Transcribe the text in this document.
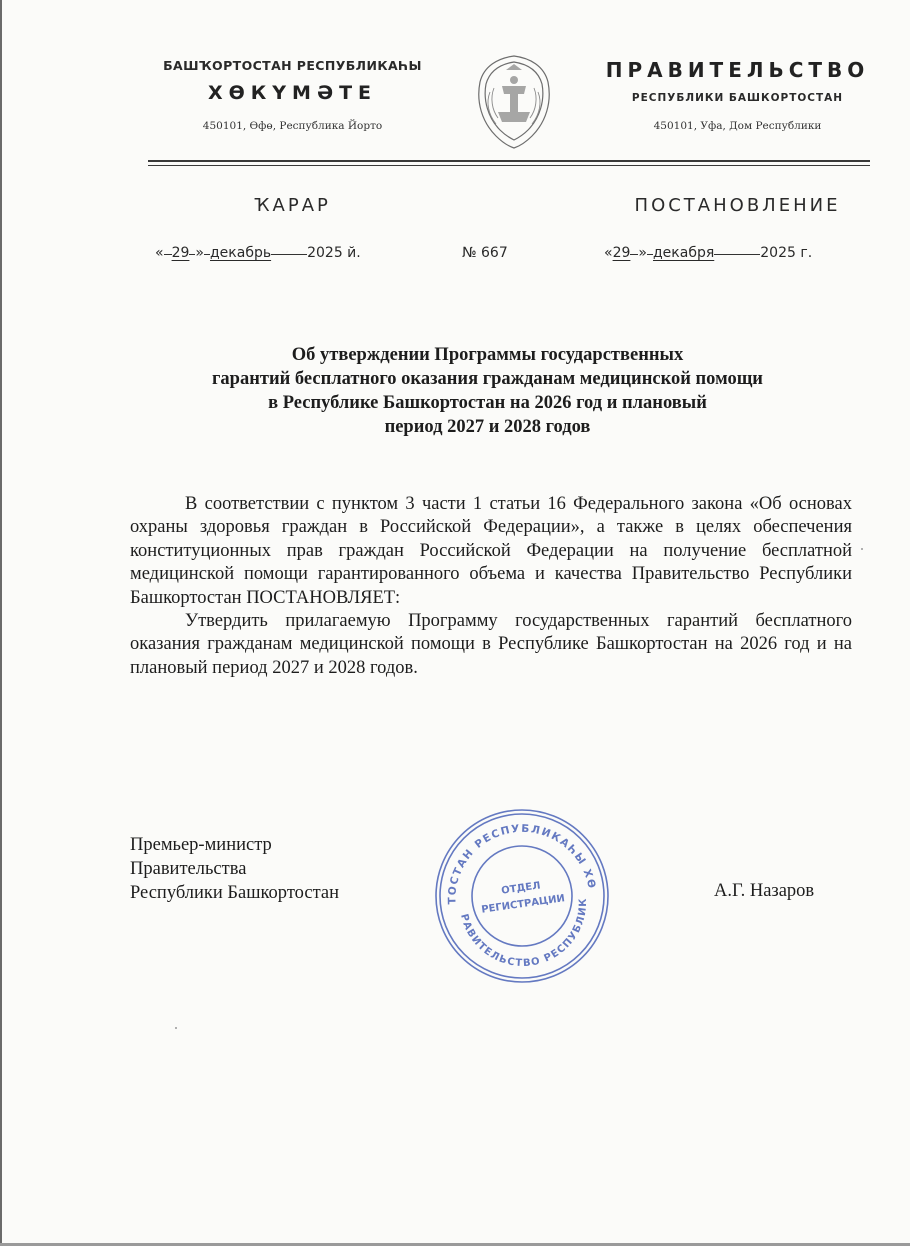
БАШҠОРТОСТАН РЕСПУБЛИКАҺЫ
ХӨКҮМӘТЕ
450101, Өфө, Республика Йорто
ПРАВИТЕЛЬСТВО
РЕСПУБЛИКИ БАШКОРТОСТАН
450101, Уфа, Дом Республики
ҠАРАР	ПОСТАНОВЛЕНИЕ
« 29 » декабрь	2025 й.	№ 667	«29 » декабря	2025 г.
Об утверждении Программы государственных
гарантий бесплатного оказания гражданам медицинской помощи
в Республике Башкортостан на 2026 год и плановый
период 2027 и 2028 годов
В соответствии с пунктом 3 части 1 статьи 16 Федерального закона «Об основах охраны здоровья граждан в Российской Федерации», а также в целях обеспечения конституционных прав граждан Российской Федерации на получение бесплатной медицинской помощи гарантированного объема и качества Правительство Республики Башкортостан ПОСТАНОВЛЯЕТ:
Утвердить прилагаемую Программу государственных гарантий бесплатного оказания гражданам медицинской помощи в Республике Башкортостан на 2026 год и на плановый период 2027 и 2028 годов.
Премьер-министр
Правительства
Республики Башкортостан
БАШКОРТОСТАН РЕСПУБЛИКАҺЫ ХӨКҮМӘТЕ
ПРАВИТЕЛЬСТВО РЕСПУБЛИКИ
ОТДЕЛ
РЕГИСТРАЦИИ
А.Г. Назаров
